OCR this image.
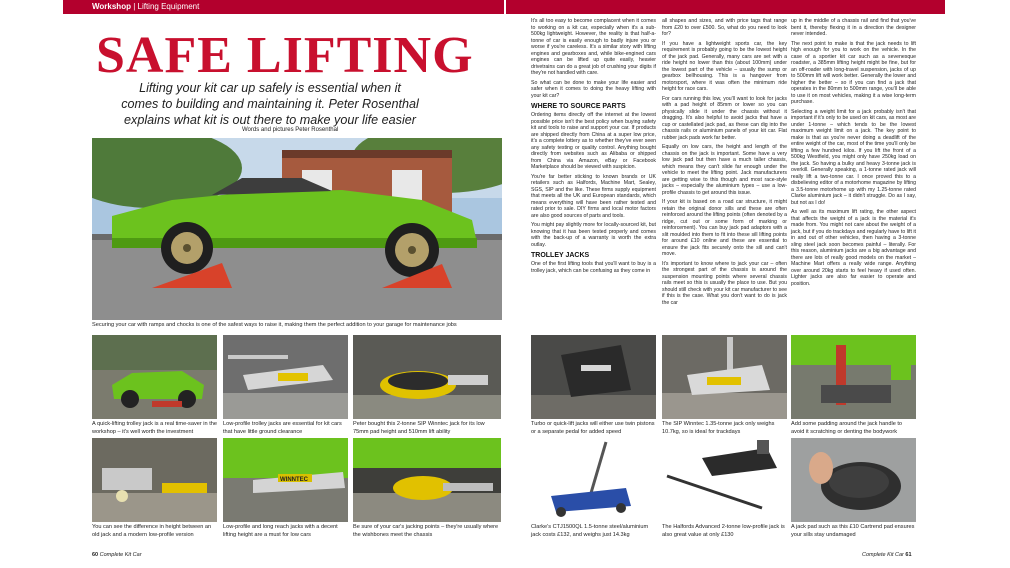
Workshop | Lifting Equipment
SAFE LIFTING
Lifting your kit car up safely is essential when it comes to building and maintaining it. Peter Rosenthal explains what kit is out there to make your life easier
Words and pictures Peter Rosenthal
Securing your car with ramps and chocks is one of the safest ways to raise it, making them the perfect addition to your garage for maintenance jobs
A quick-lifting trolley jack is a real time-saver in the workshop – it's well worth the investment
Low-profile trolley jacks are essential for kit cars that have little ground clearance
Peter bought this 2-tonne SIP Winntec jack for its low 75mm pad height and 510mm lift ability
WINNTEC
You can see the difference in height between an old jack and a modern low-profile version
Low-profile and long reach jacks with a decent lifting height are a must for low cars
Be sure of your car's jacking points – they're usually where the wishbones meet the chassis

It's all too easy to become complacent when it comes to working on a kit car, especially when it's a sub-500kg lightweight. However, the reality is that half-a-tonne of car is easily enough to badly injure you or worse if you're careless. It's a similar story with lifting engines and gearboxes and, while bike-engined cars engines can be lifted up quite easily, heavier drivetrains can do a great job of crushing your digits if they're not handled with care.

So what can be done to make your life easier and safer when it comes to doing the heavy lifting with your kit car?

WHERE TO SOURCE PARTS

Ordering items directly off the internet at the lowest possible price isn't the best policy when buying safety kit and tools to raise and support your car. If products are shipped directly from China at a super low price, it's a complete lottery as to whether they've ever seen any safety testing or quality control. Anything bought directly from websites such as Alibaba or shipped from China via Amazon, eBay or Facebook Marketplace should be viewed with suspicion.

You're far better sticking to known brands or UK retailers such as Halfords, Machine Mart, Sealey, SGS, SIP and the like. These firms supply equipment that meets all the UK and European standards, which means everything will have been rather tested and rated prior to sale. DIY firms and local motor factors are also good sources of parts and tools.

You might pay slightly more for locally-sourced kit, but knowing that it has been tested properly and comes with the back-up of a warranty is worth the extra outlay.

TROLLEY JACKS

One of the first lifting tools that you'll want to buy is a trolley jack, which can be confusing as they come in

all shapes and sizes, and with price tags that range from £20 to over £500. So, what do you need to look for?

If you have a lightweight sports car, the key requirement is probably going to be the lowest height of the jack pad. Generally, many cars are set with a ride height no lower than this (about 100mm) under the lowest part of the vehicle – usually the sump or gearbox bellhousing. This is a hangover from motorsport, where it was often the minimum ride height for race cars.

For cars running this low, you'll want to look for jacks with a pad height of 85mm or lower so you can physically slide it under the chassis without it dragging. It's also helpful to avoid jacks that have a cup or castellated jack pad, as these can dig into the chassis rails or aluminium panels of your kit car. Flat rubber jack pads work far better.

Equally on low cars, the height and length of the chassis on the jack is important. Some have a very low jack pad but then have a much taller chassis, which means they can't slide far enough under the vehicle to meet the lifting point. Jack manufacturers are getting wise to this though and most race-style jacks – especially the aluminium types – use a low-profile chassis to get around this issue.

If your kit is based on a road car structure, it might retain the original donor sills and these are often reinforced around the lifting points (often denoted by a ridge, cut out or some form of marking or reinforcement). You can buy jack pad adaptors with a slit moulded into them to fit into these sill lifting points for around £10 online and these are essential to ensure the jack fits securely onto the sill and can't move.

It's important to know where to jack your car – often the strongest part of the chassis is around the suspension mounting points where several chassis rails meet so this is usually the place to use. But you should still check with your kit car manufacturer to see if this is the case. What you don't want to do is jack the car

up in the middle of a chassis rail and find that you've bent it, thereby flexing it in a direction the designer never intended.

The next point to make is that the jack needs to lift high enough for you to work on the vehicle. In the case of a sportier kit car such as a sevenesque roadster, a 385mm lifting height might be fine, but for an off-roader with long-travel suspension, jacks of up to 500mm lift will work better. Generally the lower and higher the better – so if you can find a jack that operates in the 80mm to 500mm range, you'll be able to use it on most vehicles, making it a wise long-term purchase.

Selecting a weight limit for a jack probably isn't that important if it's only to be used on kit cars, as most are under 1-tonne – which tends to be the lowest maximum weight limit on a jack. The key point to make is that as you're never doing a deadlift of the entire weight of the car, most of the time you'll only be lifting a few hundred kilos. If you lift the front of a 500kg Westfield, you might only have 250kg load on the jack. So having a bulky and heavy 3-tonne jack is overkill. Generally speaking, a 1-tonne rated jack will really lift a two-tonne car. I once proved this to a disbelieving editor of a motorhome magazine by lifting a 3.5-tonne motorhome up with my 1.25-tonne rated Clarke aluminium jack – it didn't struggle. Do as I say, but not as I do!

As well as its maximum lift rating, the other aspect that affects the weight of a jack is the material it's made from. You might not care about the weight of a jack, but if you do trackdays and regularly have to lift it in and out of other vehicles, then having a 3-tonne sling steel jack soon becomes painful – literally. For this reason, aluminium jacks are a big advantage and there are lots of really good models on the market – Machine Mart offers a really wide range. Anything over around 20kg starts to feel heavy if used often. Lighter jacks are also far easier to operate and position.

Turbo or quick-lift jacks will either use twin pistons or a separate pedal for added speed
The SIP Winntec 1.35-tonne jack only weighs 10.7kg, so is ideal for trackdays
Add some padding around the jack handle to avoid it scratching or denting the bodywork
Clarke's CTJ1500QL 1.5-tonne steel/aluminium jack costs £132, and weighs just 14.3kg
The Halfords Advanced 2-tonne low-profile jack is also great value at only £130
A jack pad such as this £10 Cartrend pad ensures your sills stay undamaged
60 Complete Kit Car	Complete Kit Car 61
